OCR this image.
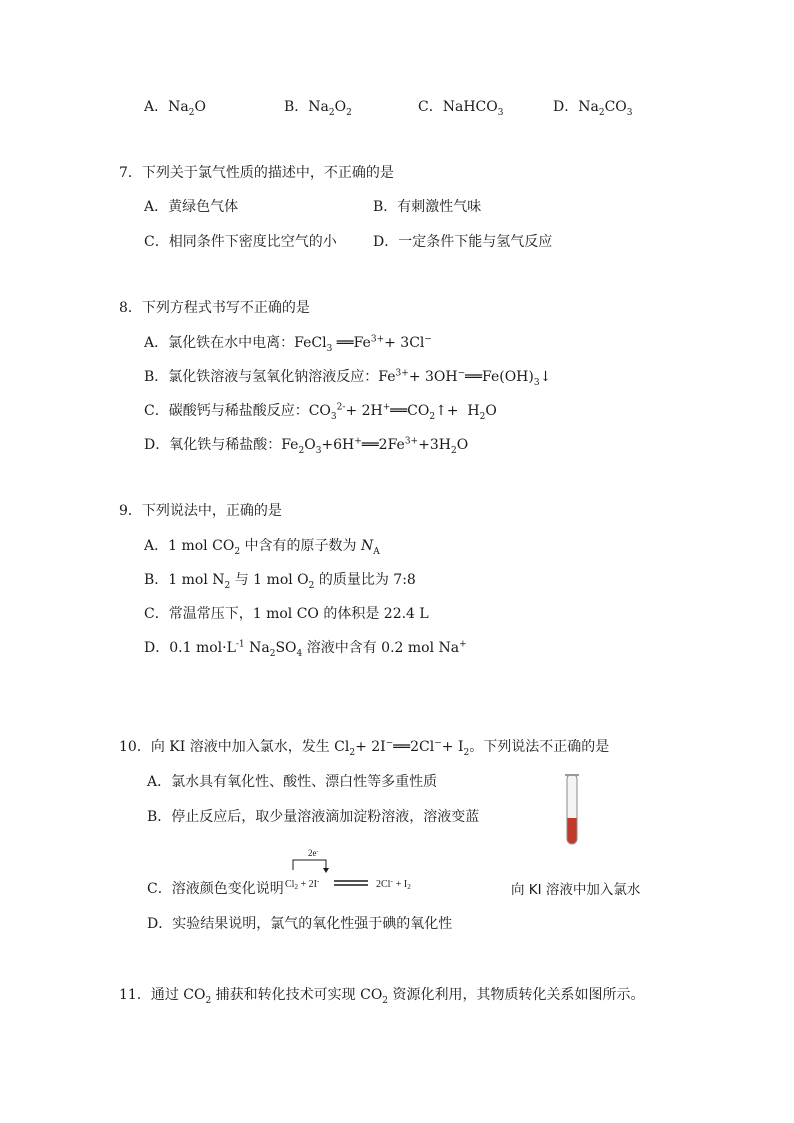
A．$Na_2O$	B．$Na_2O_2$	C．NaHCO$_3$	D．$Na_2CO_3$
7．下列关于氯气性质的描述中，不正确的是
A．黄绿色气体	B．有刺激性气味
C．相同条件下密度比空气的小	D．一定条件下能与氢气反应
8．下列方程式书写不正确的是
A．氯化铁在水中电离：FeCl$_3$ $══Fe^{3+}+ 3Cl^-$
B．氯化铁溶液与氢氧化钠溶液反应：$Fe^{3+}+$ $3OH^-══Fe(OH)_3↓$
C．碳酸钙与稀盐酸反应：$CO_3^{2-}+$ $2H^+══CO_2↑+ H_2O$
D．氧化铁与稀盐酸：$Fe_2O_3+6H^+══2Fe^{3+}+3H_2O$
9．下列说法中，正确的是
A．1 mol $CO_2$ 中含有的原子数为 $N_A$
B．1 mol $N_2$ 与 1 mol $O_2$ 的质量比为 7:8
C．常温常压下，1 mol CO 的体积是 22.4 L
D．0.1 $mol\cdot L^{-1}$ $Na_2SO_4$ 溶液中含有 0.2 mol Na+
10．向 KI 溶液中加入氯水，发生 $Cl_2+$ 2I−══2Cl−+ $I_2$。下列说法不正确的是
A．氯水具有氧化性、酸性、漂白性等多重性质
B．停止反应后，取少量溶液滴加淀粉溶液，溶液变蓝
C．溶液颜色变化说明
2e-
$Cl_2 + 2I^-$	$2Cl^- + I_2$
D．实验结果说明，氯气的氧化性强于碘的氧化性
向 KI 溶液中加入氯水
11．通过 $CO_2$ 捕获和转化技术可实现 $CO_2$ 资源化利用，其物质转化关系如图所示。
